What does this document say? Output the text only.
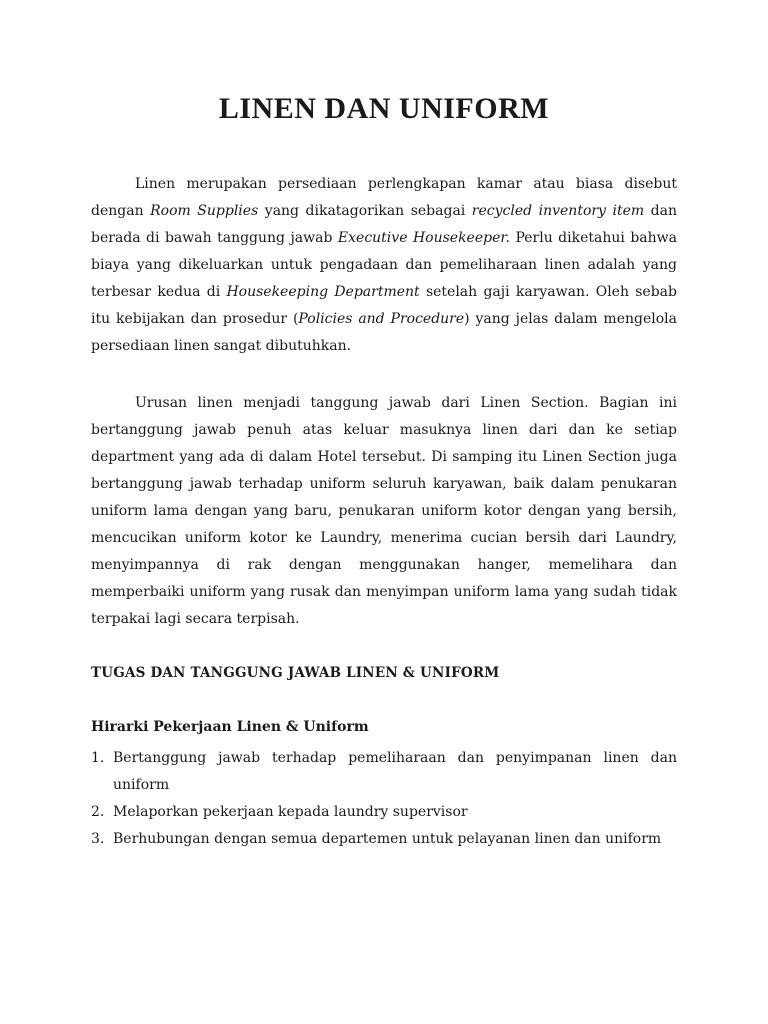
LINEN DAN UNIFORM

Linen merupakan persediaan perlengkapan kamar atau biasa disebut dengan Room Supplies yang dikatagorikan sebagai recycled inventory item dan berada di bawah tanggung jawab Executive Housekeeper. Perlu diketahui bahwa biaya yang dikeluarkan untuk pengadaan dan pemeliharaan linen adalah yang terbesar kedua di Housekeeping Department setelah gaji karyawan. Oleh sebab itu kebijakan dan prosedur (Policies and Procedure) yang jelas dalam mengelola persediaan linen sangat dibutuhkan.

Urusan linen menjadi tanggung jawab dari Linen Section. Bagian ini bertanggung jawab penuh atas keluar masuknya linen dari dan ke setiap department yang ada di dalam Hotel tersebut. Di samping itu Linen Section juga bertanggung jawab terhadap uniform seluruh karyawan, baik dalam penukaran uniform lama dengan yang baru, penukaran uniform kotor dengan yang bersih, mencucikan uniform kotor ke Laundry, menerima cucian bersih dari Laundry, menyimpannya di rak dengan menggunakan hanger, memelihara dan memperbaiki uniform yang rusak dan menyimpan uniform lama yang sudah tidak terpakai lagi secara terpisah.

TUGAS DAN TANGGUNG JAWAB LINEN & UNIFORM
Hirarki Pekerjaan Linen & Uniform
1. Bertanggung jawab terhadap pemeliharaan dan penyimpanan linen dan uniform
2. Melaporkan pekerjaan kepada laundry supervisor
3. Berhubungan dengan semua departemen untuk pelayanan linen dan uniform
